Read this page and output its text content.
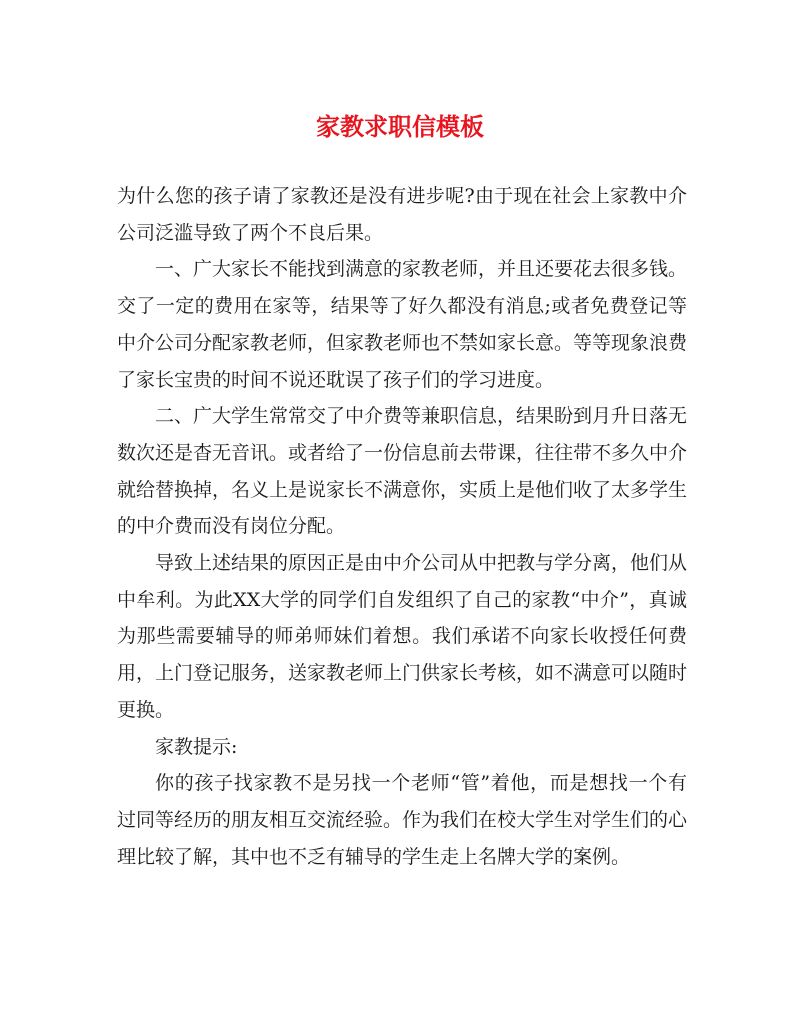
家教求职信模板

为什么您的孩子请了家教还是没有进步呢?由于现在社会上家教中介公司泛滥导致了两个不良后果。

一、广大家长不能找到满意的家教老师，并且还要花去很多钱。交了一定的费用在家等，结果等了好久都没有消息;或者免费登记等中介公司分配家教老师，但家教老师也不禁如家长意。等等现象浪费了家长宝贵的时间不说还耽误了孩子们的学习进度。

二、广大学生常常交了中介费等兼职信息，结果盼到月升日落无数次还是杳无音讯。或者给了一份信息前去带课，往往带不多久中介就给替换掉，名义上是说家长不满意你，实质上是他们收了太多学生的中介费而没有岗位分配。

导致上述结果的原因正是由中介公司从中把教与学分离，他们从中牟利。为此XX大学的同学们自发组织了自己的家教“中介”，真诚为那些需要辅导的师弟师妹们着想。我们承诺不向家长收授任何费用，上门登记服务，送家教老师上门供家长考核，如不满意可以随时更换。

家教提示:

你的孩子找家教不是另找一个老师“管”着他，而是想找一个有过同等经历的朋友相互交流经验。作为我们在校大学生对学生们的心理比较了解，其中也不乏有辅导的学生走上名牌大学的案例。
